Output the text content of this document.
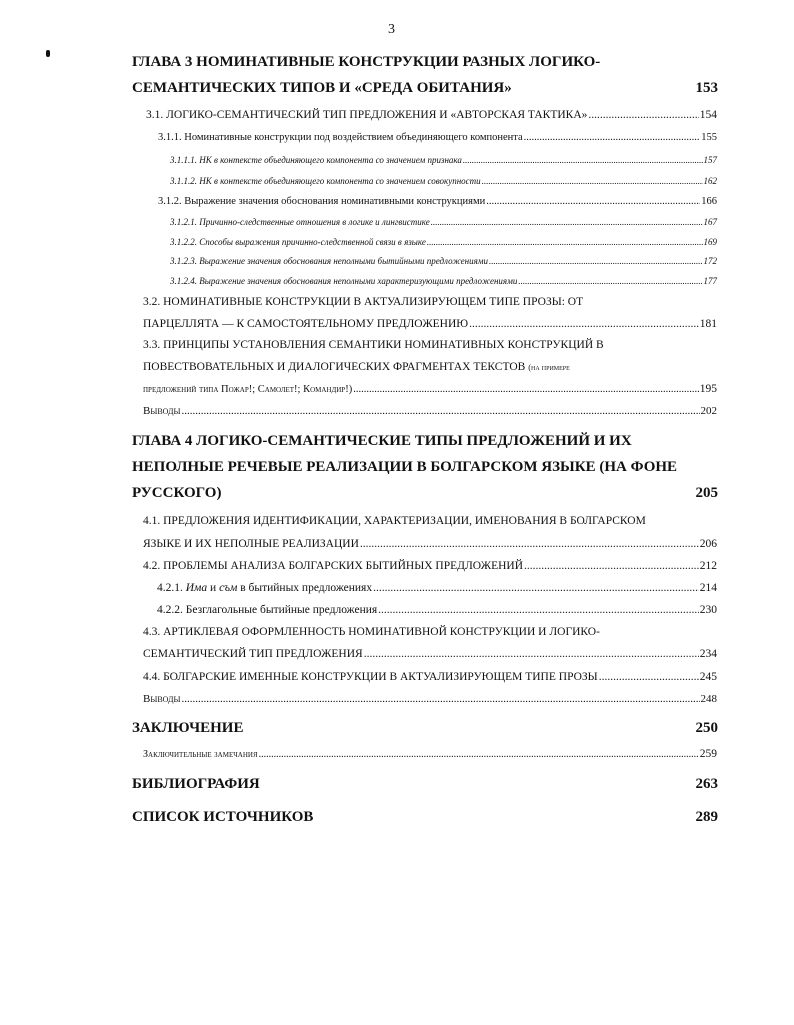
3
ГЛАВА 3 НОМИНАТИВНЫЕ КОНСТРУКЦИИ РАЗНЫХ ЛОГИКО-
СЕМАНТИЧЕСКИХ ТИПОВ И «СРЕДА ОБИТАНИЯ»	153
3.1. ЛОГИКО-СЕМАНТИЧЕСКИЙ ТИП ПРЕДЛОЖЕНИЯ И «АВТОРСКАЯ ТАКТИКА» .....	154
3.1.1. Номинативные конструкции под воздействием объединяющего компонента .....	155
3.1.1.1. НК в контексте объединяющего компонента со значением признака .....	157
3.1.1.2. НК в контексте объединяющего компонента со значением совокупности .....	162
3.1.2. Выражение значения обоснования номинативными конструкциями .....	166
3.1.2.1. Причинно-следственные отношения в логике и лингвистике .....	167
3.1.2.2. Способы выражения причинно-следственной связи в языке .....	169
3.1.2.3. Выражение значения обоснования неполными бытийными предложениями .....	172
3.1.2.4. Выражение значения обоснования неполными характеризующими предложениями .....	177
3.2. НОМИНАТИВНЫЕ КОНСТРУКЦИИ В АКТУАЛИЗИРУЮЩЕМ ТИПЕ ПРОЗЫ: ОТ
ПАРЦЕЛЛЯТА — К САМОСТОЯТЕЛЬНОМУ ПРЕДЛОЖЕНИЮ .....	181
3.3. ПРИНЦИПЫ УСТАНОВЛЕНИЯ СЕМАНТИКИ НОМИНАТИВНЫХ КОНСТРУКЦИЙ В
ПОВЕСТВОВАТЕЛЬНЫХ И ДИАЛОГИЧЕСКИХ ФРАГМЕНТАХ ТЕКСТОВ (на примере
предложений типа Пожар!; Самолет!; Командир!) .....	195
Выводы .....	202
ГЛАВА 4 ЛОГИКО-СЕМАНТИЧЕСКИЕ ТИПЫ ПРЕДЛОЖЕНИЙ И ИХ
НЕПОЛНЫЕ РЕЧЕВЫЕ РЕАЛИЗАЦИИ В БОЛГАРСКОМ ЯЗЫКЕ (НА ФОНЕ
РУССКОГО)	205
4.1. ПРЕДЛОЖЕНИЯ ИДЕНТИФИКАЦИИ, ХАРАКТЕРИЗАЦИИ, ИМЕНОВАНИЯ В БОЛГАРСКОМ
ЯЗЫКЕ И ИХ НЕПОЛНЫЕ РЕАЛИЗАЦИИ .....	206
4.2. ПРОБЛЕМЫ АНАЛИЗА БОЛГАРСКИХ БЫТИЙНЫХ ПРЕДЛОЖЕНИЙ .....	212
4.2.1. Има и съм в бытийных предложениях .....	214
4.2.2. Безглагольные бытийные предложения .....	230
4.3. АРТИКЛЕВАЯ ОФОРМЛЕННОСТЬ НОМИНАТИВНОЙ КОНСТРУКЦИИ И ЛОГИКО-
СЕМАНТИЧЕСКИЙ ТИП ПРЕДЛОЖЕНИЯ .....	234
4.4. БОЛГАРСКИЕ ИМЕННЫЕ КОНСТРУКЦИИ В АКТУАЛИЗИРУЮЩЕМ ТИПЕ ПРОЗЫ .....	245
Выводы .....	248
ЗАКЛЮЧЕНИЕ	250
Заключительные замечания .....	259
БИБЛИОГРАФИЯ	263
СПИСОК ИСТОЧНИКОВ	289
